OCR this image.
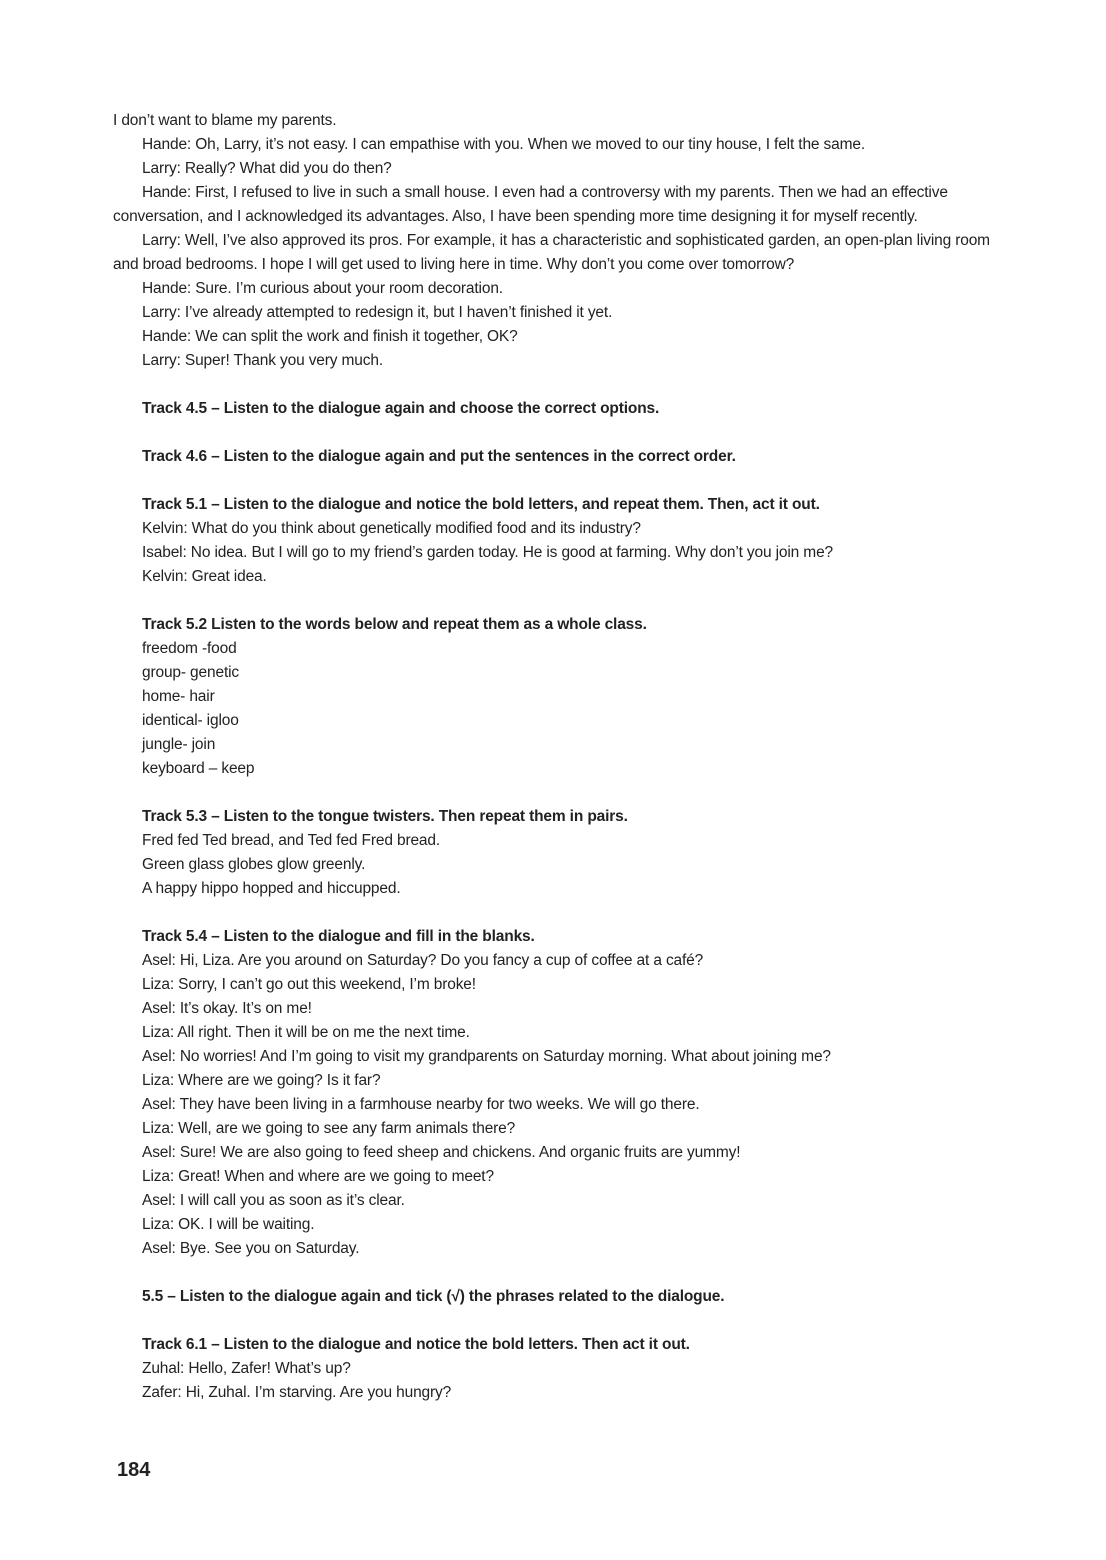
I don’t want to blame my parents.

Hande: Oh, Larry, it’s not easy. I can empathise with you. When we moved to our tiny house, I felt the same.

Larry: Really? What did you do then?

Hande: First, I refused to live in such a small house. I even had a controversy with my parents. Then we had an effective conversation, and I acknowledged its advantages. Also, I have been spending more time designing it for myself recently.

Larry: Well, I’ve also approved its pros. For example, it has a characteristic and sophisticated garden, an open-plan living room and broad bedrooms. I hope I will get used to living here in time. Why don’t you come over tomorrow?

Hande: Sure. I’m curious about your room decoration.

Larry: I’ve already attempted to redesign it, but I haven’t finished it yet.

Hande: We can split the work and finish it together, OK?

Larry: Super! Thank you very much.

Track 4.5 – Listen to the dialogue again and choose the correct options.
Track 4.6 – Listen to the dialogue again and put the sentences in the correct order.
Track 5.1 – Listen to the dialogue and notice the bold letters, and repeat them. Then, act it out.
Kelvin: What do you think about genetically modified food and its industry?
Isabel: No idea. But I will go to my friend’s garden today. He is good at farming. Why don’t you join me?
Kelvin: Great idea.
Track 5.2 Listen to the words below and repeat them as a whole class.
freedom -food
group- genetic
home- hair
identical- igloo
jungle- join
keyboard – keep
Track 5.3 – Listen to the tongue twisters. Then repeat them in pairs.
Fred fed Ted bread, and Ted fed Fred bread.
Green glass globes glow greenly.
A happy hippo hopped and hiccupped.
Track 5.4 – Listen to the dialogue and fill in the blanks.
Asel: Hi, Liza. Are you around on Saturday? Do you fancy a cup of coffee at a café?
Liza: Sorry, I can’t go out this weekend, I’m broke!
Asel: It’s okay. It’s on me!
Liza: All right. Then it will be on me the next time.
Asel: No worries! And I’m going to visit my grandparents on Saturday morning. What about joining me?
Liza: Where are we going? Is it far?
Asel: They have been living in a farmhouse nearby for two weeks. We will go there.
Liza: Well, are we going to see any farm animals there?
Asel: Sure! We are also going to feed sheep and chickens. And organic fruits are yummy!
Liza: Great! When and where are we going to meet?
Asel: I will call you as soon as it’s clear.
Liza: OK. I will be waiting.
Asel: Bye. See you on Saturday.
5.5 – Listen to the dialogue again and tick (√) the phrases related to the dialogue.
Track 6.1 – Listen to the dialogue and notice the bold letters. Then act it out.
Zuhal: Hello, Zafer! What’s up?
Zafer: Hi, Zuhal. I’m starving. Are you hungry?
184
